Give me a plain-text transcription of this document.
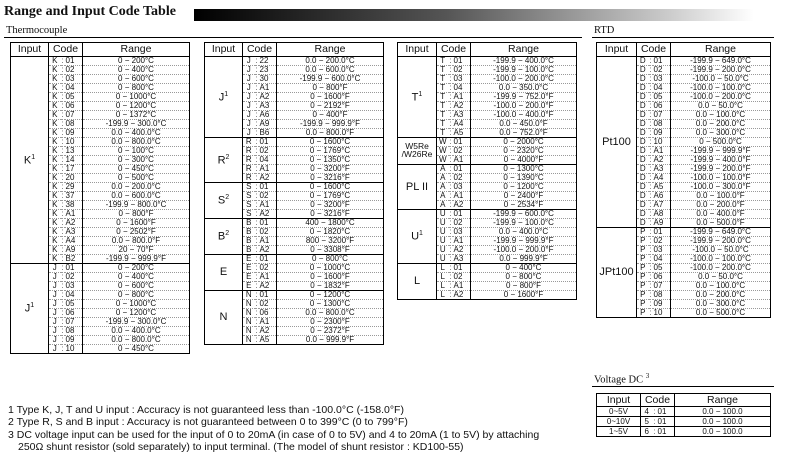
Range and Input Code Table
Thermocouple	RTD
Voltage DC $^3$
Input	Code			Range
$K^1$	K	:	01	0 − 200°C
	K	:	02	0 − 400°C
	K	:	03	0 − 600°C
	K	:	04	0 − 800°C
	K	:	05	0 − 1000°C
	K	:	06	0 − 1200°C
	K	:	07	0 − 1372°C
	K	:	08	-199.9 − 300.0°C
	K	:	09	0.0 − 400.0°C
	K	:	10	0.0 − 800.0°C
	K	:	13	0 − 100°C
	K	:	14	0 − 300°C
	K	:	17	0 − 450°C
	K	:	20	0 − 500°C
	K	:	29	0.0 − 200.0°C
	K	:	37	0.0 − 600.0°C
	K	:	38	-199.9 − 800.0°C
	K	:	A1	0 − 800°F
	K	:	A2	0 − 1600°F
	K	:	A3	0 − 2502°F
	K	:	A4	0.0 − 800.0°F
	K	:	A9	20 − 70°F
	K	:	B2	-199.9 − 999.9°F
$J^1$	J	:	01	0 − 200°C
	J	:	02	0 − 400°C
	J	:	03	0 − 600°C
	J	:	04	0 − 800°C
	J	:	05	0 − 1000°C
	J	:	06	0 − 1200°C
	J	:	07	-199.9 − 300.0°C
	J	:	08	0.0 − 400.0°C
	J	:	09	0.0 − 800.0°C
	J	:	10	0 − 450°C
Input	Code			Range
$J^1$	J	:	22	0.0 − 200.0°C
	J	:	23	0.0 − 600.0°C
	J	:	30	-199.9 − 600.0°C
	J	:	A1	0 − 800°F
	J	:	A2	0 − 1600°F
	J	:	A3	0 − 2192°F
	J	:	A6	0 − 400°F
	J	:	A9	-199.9 − 999.9°F
	J	:	B6	0.0 − 800.0°F
$R^2$	R	:	01	0 − 1600°C
	R	:	02	0 − 1769°C
	R	:	04	0 − 1350°C
	R	:	A1	0 − 3200°F
	R	:	A2	0 − 3216°F
$S^2$	S	:	01	0 − 1600°C
	S	:	02	0 − 1769°C
	S	:	A1	0 − 3200°F
	S	:	A2	0 − 3216°F
$B^2$	B	:	01	400 − 1800°C
	B	:	02	0 − 1820°C
	B	:	A1	800 − 3200°F
	B	:	A2	0 − 3308°F
E	E	:	01	0 − 800°C
	E	:	02	0 − 1000°C
	E	:	A1	0 − 1600°F
	E	:	A2	0 − 1832°F
N	N	:	01	0 − 1200°C
	N	:	02	0 − 1300°C
	N	:	06	0.0 − 800.0°C
	N	:	A1	0 − 2300°F
	N	:	A2	0 − 2372°F
	N	:	A5	0.0 − 999.9°F
Input	Code			Range
$T^1$	T	:	01	-199.9 − 400.0°C
	T	:	02	-199.9 − 100.0°C
	T	:	03	-100.0 − 200.0°C
	T	:	04	0.0 − 350.0°C
	T	:	A1	-199.9 − 752.0°F
	T	:	A2	-100.0 − 200.0°F
	T	:	A3	-100.0 − 400.0°F
	T	:	A4	0.0 − 450.0°F
	T	:	A5	0.0 − 752.0°F
W5Re /W26Re	W	:	01	0 − 2000°C
	W	:	02	0 − 2320°C
	W	:	A1	0 − 4000°F
PL II	A	:	01	0 − 1300°C
	A	:	02	0 − 1390°C
	A	:	03	0 − 1200°C
	A	:	A1	0 − 2400°F
	A	:	A2	0 − 2534°F
$U^1$	U	:	01	-199.9 − 600.0°C
	U	:	02	-199.9 − 100.0°C
	U	:	03	0.0 − 400.0°C
	U	:	A1	-199.9 − 999.9°F
	U	:	A2	-100.0 − 200.0°F
	U	:	A3	0.0 − 999.9°F
L	L	:	01	0 − 400°C
	L	:	02	0 − 800°C
	L	:	A1	0 − 800°F
	L	:	A2	0 − 1600°F
Input	Code			Range
Pt100	D	:	01	-199.9 − 649.0°C
	D	:	02	-199.9 − 200.0°C
	D	:	03	-100.0 − 50.0°C
	D	:	04	-100.0 − 100.0°C
	D	:	05	-100.0 − 200.0°C
	D	:	06	0.0 − 50.0°C
	D	:	07	0.0 − 100.0°C
	D	:	08	0.0 − 200.0°C
	D	:	09	0.0 − 300.0°C
	D	:	10	0 − 500.0°C
	D	:	A1	-199.9 − 999.9°F
	D	:	A2	-199.9 − 400.0°F
	D	:	A3	-199.9 − 200.0°F
	D	:	A4	-100.0 − 100.0°F
	D	:	A5	-100.0 − 300.0°F
	D	:	A6	0.0 − 100.0°F
	D	:	A7	0.0 − 200.0°F
	D	:	A8	0.0 − 400.0°F
	D	:	A9	0.0 − 500.0°F
JPt100	P	:	01	-199.9 − 649.0°C
	P	:	02	-199.9 − 200.0°C
	P	:	03	-100.0 − 50.0°C
	P	:	04	-100.0 − 100.0°C
	P	:	05	-100.0 − 200.0°C
	P	:	06	0.0 − 50.0°C
	P	:	07	0.0 − 100.0°C
	P	:	08	0.0 − 200.0°C
	P	:	09	0.0 − 300.0°C
	P	:	10	0.0 − 500.0°C
Input	Code			Range
0~5V	4	:	01	0.0 − 100.0
0~10V	5	:	01	0.0 − 100.0
1~5V	6	:	01	0.0 − 100.0
1 Type K, J, T and U input : Accuracy is not guaranteed less than -100.0°C (-158.0°F)
2 Type R, S and B input : Accuracy is not guaranteed between 0 to 399°C (0 to 799°F)
3 DC voltage input can be used for the input of 0 to 20mA (in case of 0 to 5V) and 4 to 20mA (1 to 5V) by attaching
250Ω shunt resistor (sold separately) to input terminal. (The model of shunt resistor : KD100-55)
